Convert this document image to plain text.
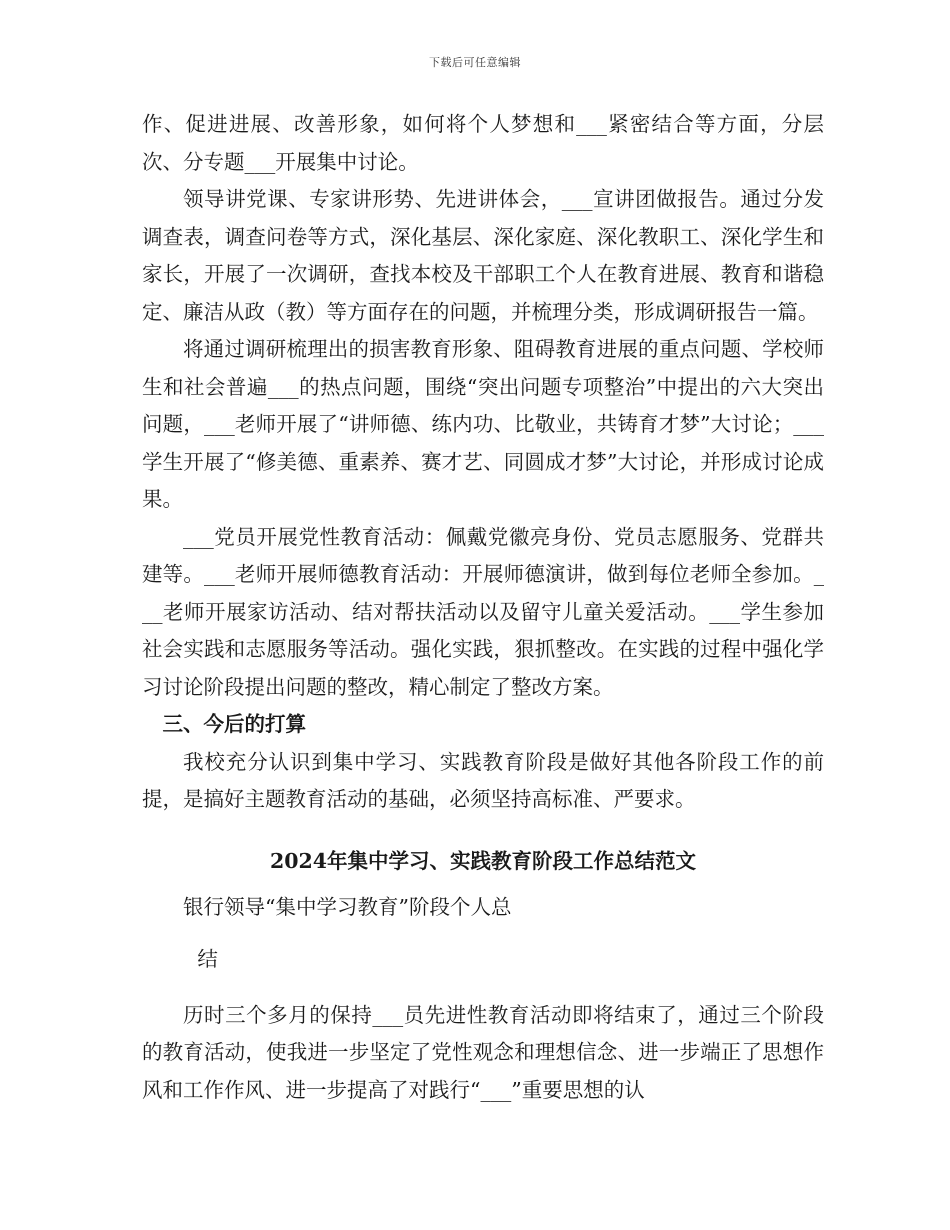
下载后可任意编辑

作、促进进展、改善形象，如何将个人梦想和___紧密结合等方面，分层次、分专题___开展集中讨论。

领导讲党课、专家讲形势、先进讲体会，___宣讲团做报告。通过分发调查表，调查问卷等方式，深化基层、深化家庭、深化教职工、深化学生和家长，开展了一次调研，查找本校及干部职工个人在教育进展、教育和谐稳定、廉洁从政（教）等方面存在的问题，并梳理分类，形成调研报告一篇。

将通过调研梳理出的损害教育形象、阻碍教育进展的重点问题、学校师生和社会普遍___的热点问题，围绕“突出问题专项整治”中提出的六大突出问题，___老师开展了“讲师德、练内功、比敬业，共铸育才梦”大讨论；___学生开展了“修美德、重素养、赛才艺、同圆成才梦”大讨论，并形成讨论成果。

___党员开展党性教育活动：佩戴党徽亮身份、党员志愿服务、党群共建等。___老师开展师德教育活动：开展师德演讲，做到每位老师全参加。___老师开展家访活动、结对帮扶活动以及留守儿童关爱活动。___学生参加社会实践和志愿服务等活动。强化实践，狠抓整改。在实践的过程中强化学习讨论阶段提出问题的整改，精心制定了整改方案。

三、今后的打算

我校充分认识到集中学习、实践教育阶段是做好其他各阶段工作的前提，是搞好主题教育活动的基础，必须坚持高标准、严要求。

2024年集中学习、实践教育阶段工作总结范文

银行领导“集中学习教育”阶段个人总

结

历时三个多月的保持___员先进性教育活动即将结束了，通过三个阶段的教育活动，使我进一步坚定了党性观念和理想信念、进一步端正了思想作风和工作作风、进一步提高了对践行“___”重要思想的认
